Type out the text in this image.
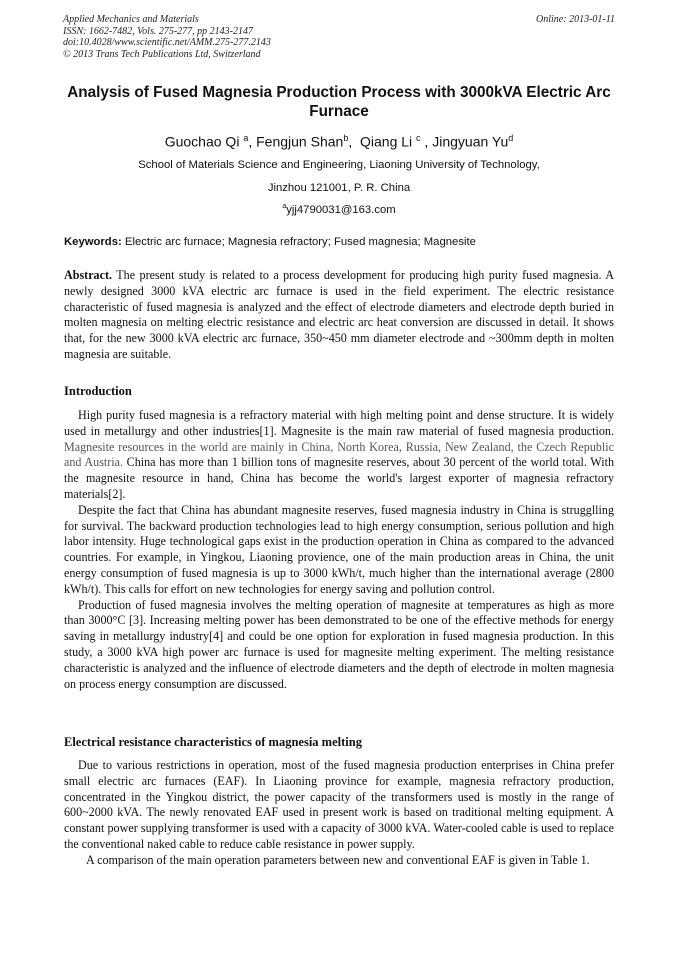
Applied Mechanics and Materials
ISSN: 1662-7482, Vols. 275-277, pp 2143-2147
doi:10.4028/www.scientific.net/AMM.275-277.2143
© 2013 Trans Tech Publications Ltd, Switzerland
Online: 2013-01-11
Analysis of Fused Magnesia Production Process with 3000kVA Electric Arc Furnace
Guochao Qi $^a$, Fengjun Shan$^b$,  Qiang Li $^c$ , Jingyuan Yu$^d$
School of Materials Science and Engineering, Liaoning University of Technology,
Jinzhou 121001, P. R. China
$^a$yjj4790031@163.com
Keywords: Electric arc furnace; Magnesia refractory; Fused magnesia; Magnesite
Abstract. The present study is related to a process development for producing high purity fused magnesia. A newly designed 3000 kVA electric arc furnace is used in the field experiment. The electric resistance characteristic of fused magnesia is analyzed and the effect of electrode diameters and electrode depth buried in molten magnesia on melting electric resistance and electric arc heat conversion are discussed in detail. It shows that, for the new 3000 kVA electric arc furnace, 350~450 mm diameter electrode and ~300mm depth in molten magnesia are suitable.
Introduction

High purity fused magnesia is a refractory material with high melting point and dense structure. It is widely used in metallurgy and other industries[1]. Magnesite is the main raw material of fused magnesia production. Magnesite resources in the world are mainly in China, North Korea, Russia, New Zealand, the Czech Republic and Austria. China has more than 1 billion tons of magnesite reserves, about 30 percent of the world total. With the magnesite resource in hand, China has become the world's largest exporter of magnesia refractory materials[2].

Despite the fact that China has abundant magnesite reserves, fused magnesia industry in China is strugglling for survival. The backward production technologies lead to high energy consumption, serious pollution and high labor intensity. Huge technological gaps exist in the production operation in China as compared to the advanced countries. For example, in Yingkou, Liaoning provience, one of the main production areas in China, the unit energy consumption of fused magnesia is up to 3000 kWh/t, much higher than the international average (2800 kWh/t). This calls for effort on new technologies for energy saving and pollution control.

Production of fused magnesia involves the melting operation of magnesite at temperatures as high as more than 3000°C [3]. Increasing melting power has been demonstrated to be one of the effective methods for energy saving in metallurgy industry[4] and could be one option for exploration in fused magnesia production. In this study, a 3000 kVA high power arc furnace is used for magnesite melting experiment. The melting resistance characteristic is analyzed and the influence of electrode diameters and the depth of electrode in molten magnesia on process energy consumption are discussed.

Electrical resistance characteristics of magnesia melting

Due to various restrictions in operation, most of the fused magnesia production enterprises in China prefer small electric arc furnaces (EAF). In Liaoning province for example, magnesia refractory production, concentrated in the Yingkou district, the power capacity of the transformers used is mostly in the range of 600~2000 kVA. The newly renovated EAF used in present work is based on traditional melting equipment. A constant power supplying transformer is used with a capacity of 3000 kVA. Water-cooled cable is used to replace the conventional naked cable to reduce cable resistance in power supply.

A comparison of the main operation parameters between new and conventional EAF is given in Table 1.
